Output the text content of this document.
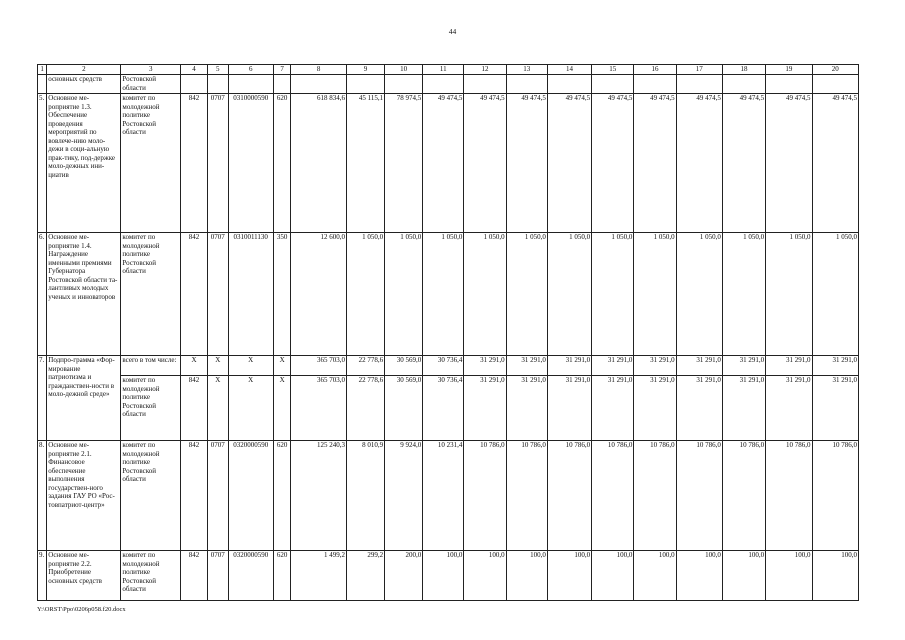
44
1	2	3	4	5	6	7	8	9	10	11	12	13	14	15	16	17	18	19	20
	основных средств	Ростовской области																	
5.	Основное ме-роприятие 1.3. Обеспечение проведения мероприятий по вовлече-нию моло-дежи в соци-альную прак-тику, под-держке моло-дежных ини-циатив	комитет по молодежной политике Ростовской области	842	0707	0310000590	620	618 834,6	45 115,1	78 974,5	49 474,5	49 474,5	49 474,5	49 474,5	49 474,5	49 474,5	49 474,5	49 474,5	49 474,5	49 474,5
6.	Основное ме-роприятие 1.4. Награждение именными премиями Губернатора Ростовской области та-лантливых молодых ученых и инноваторов	комитет по молодежной политике Ростовской области	842	0707	0310011130	350	12 600,0	1 050,0	1 050,0	1 050,0	1 050,0	1 050,0	1 050,0	1 050,0	1 050,0	1 050,0	1 050,0	1 050,0	1 050,0
7.	Подпро-грамма «Фор-мирование патриотизма и гражданствен-ности в моло-дежной среде»	всего в том числе:	X	X	X	X	365 703,0	22 778,6	30 569,0	30 736,4	31 291,0	31 291,0	31 291,0	31 291,0	31 291,0	31 291,0	31 291,0	31 291,0	31 291,0
		комитет по молодежной политике Ростовской области	842	X	X	X	365 703,0	22 778,6	30 569,0	30 736,4	31 291,0	31 291,0	31 291,0	31 291,0	31 291,0	31 291,0	31 291,0	31 291,0	31 291,0
8.	Основное ме-роприятие 2.1. Финансовое обеспечение выполнения государствен-ного задания ГАУ РО «Рос-товпатриот-центр»	комитет по молодежной политике Ростовской области	842	0707	0320000590	620	125 240,3	8 010,9	9 924,0	10 231,4	10 786,0	10 786,0	10 786,0	10 786,0	10 786,0	10 786,0	10 786,0	10 786,0	10 786,0
9.	Основное ме-роприятие 2.2. Приобретение основных средств	комитет по молодежной политике Ростовской области	842	0707	0320000590	620	1 499,2	299,2	200,0	100,0	100,0	100,0	100,0	100,0	100,0	100,0	100,0	100,0	100,0
Y:\ORST\Ppo\0206p058.f20.docx
